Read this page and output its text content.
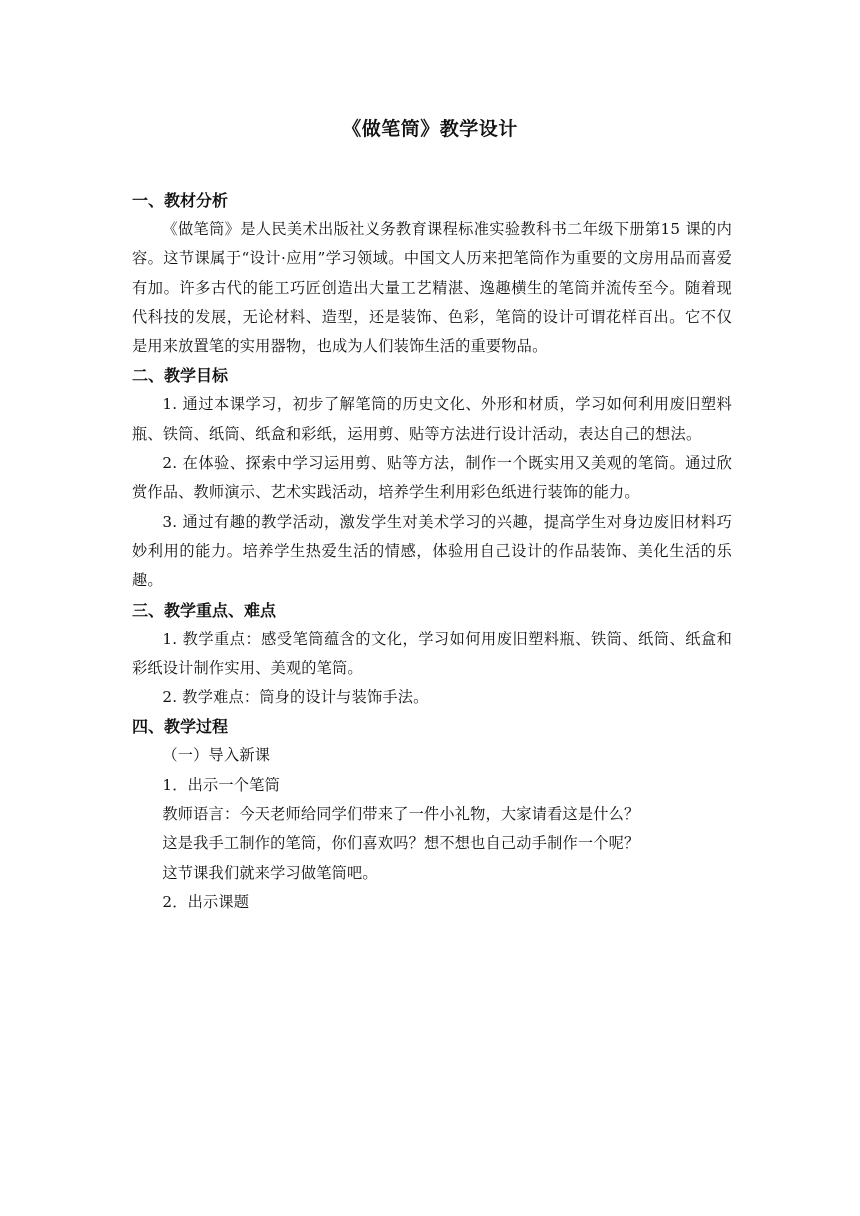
《做笔筒》教学设计

一、教材分析

《做笔筒》是人民美术出版社义务教育课程标准实验教科书二年级下册第15 课的内容。这节课属于“设计·应用”学习领域。中国文人历来把笔筒作为重要的文房用品而喜爱有加。许多古代的能工巧匠创造出大量工艺精湛、逸趣横生的笔筒并流传至今。随着现代科技的发展，无论材料、造型，还是装饰、色彩，笔筒的设计可谓花样百出。它不仅是用来放置笔的实用器物，也成为人们装饰生活的重要物品。

二、教学目标

1. 通过本课学习，初步了解笔筒的历史文化、外形和材质，学习如何利用废旧塑料瓶、铁筒、纸筒、纸盒和彩纸，运用剪、贴等方法进行设计活动，表达自己的想法。

2. 在体验、探索中学习运用剪、贴等方法，制作一个既实用又美观的笔筒。通过欣赏作品、教师演示、艺术实践活动，培养学生利用彩色纸进行装饰的能力。

3. 通过有趣的教学活动，激发学生对美术学习的兴趣，提高学生对身边废旧材料巧妙利用的能力。培养学生热爱生活的情感，体验用自己设计的作品装饰、美化生活的乐趣。

三、教学重点、难点

1. 教学重点：感受笔筒蕴含的文化，学习如何用废旧塑料瓶、铁筒、纸筒、纸盒和彩纸设计制作实用、美观的笔筒。

2. 教学难点：筒身的设计与装饰手法。

四、教学过程

（一）导入新课

1．出示一个笔筒

教师语言：今天老师给同学们带来了一件小礼物，大家请看这是什么？

这是我手工制作的笔筒，你们喜欢吗？想不想也自己动手制作一个呢？

这节课我们就来学习做笔筒吧。

2．出示课题
